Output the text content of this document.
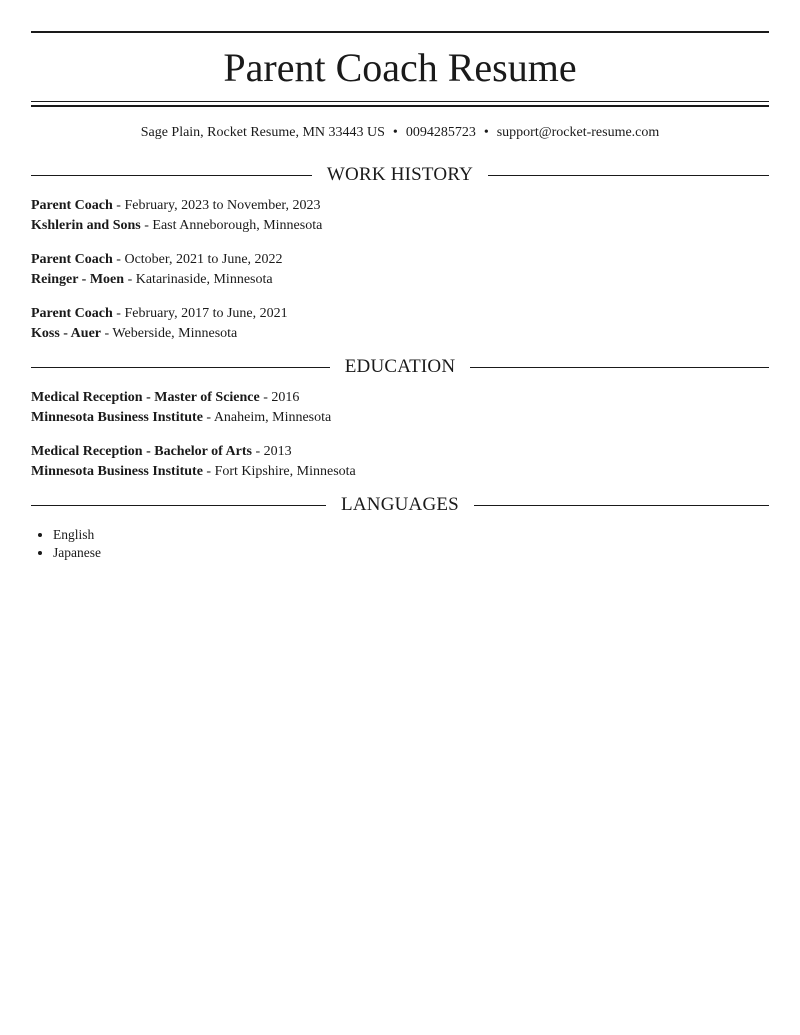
Parent Coach Resume
Sage Plain, Rocket Resume, MN 33443 US • 0094285723 • support@rocket-resume.com
WORK HISTORY
Parent Coach - February, 2023 to November, 2023
Kshlerin and Sons - East Anneborough, Minnesota
Parent Coach - October, 2021 to June, 2022
Reinger - Moen - Katarinaside, Minnesota
Parent Coach - February, 2017 to June, 2021
Koss - Auer - Weberside, Minnesota
EDUCATION
Medical Reception - Master of Science - 2016
Minnesota Business Institute - Anaheim, Minnesota
Medical Reception - Bachelor of Arts - 2013
Minnesota Business Institute - Fort Kipshire, Minnesota
LANGUAGES
• English
• Japanese
